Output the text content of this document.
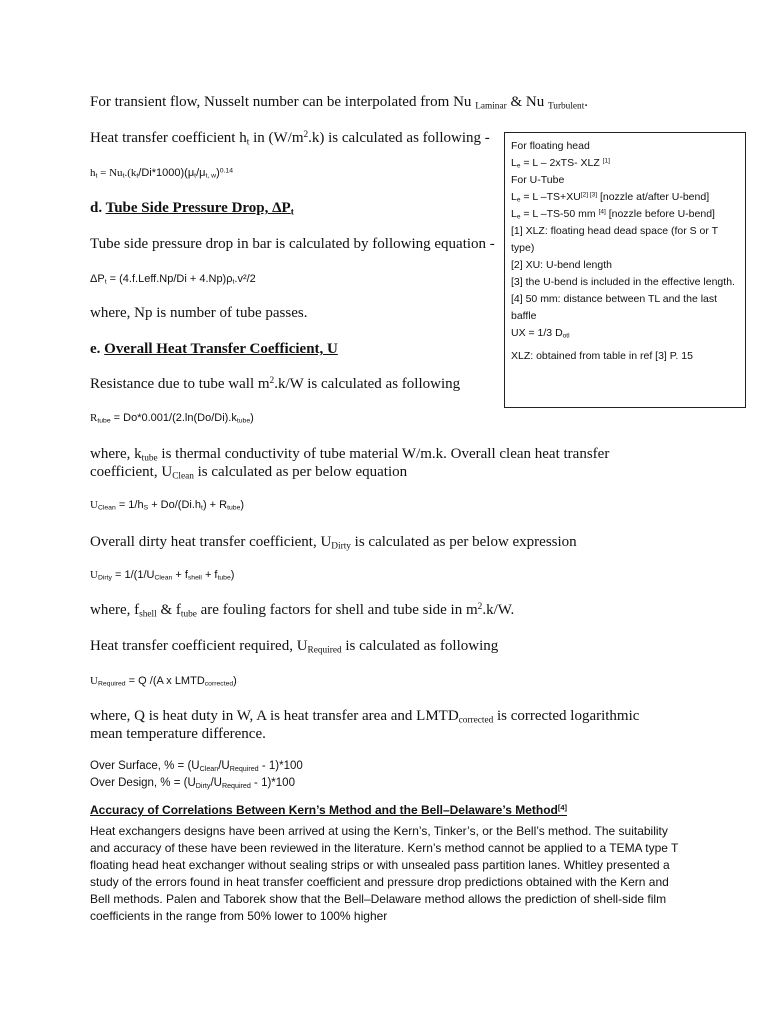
For transient flow, Nusselt number can be interpolated from Nu $_{Laminar}$ & Nu $_{Turbulent}$.
Heat transfer coefficient $h_t$ in $(W/m^2.k)$ is calculated as following -
$h_t = Nu_t.(k_t/Di*1000)(\mu_t/\mu_{t, w})^{0.14}$
d. Tube Side Pressure Drop, $\Delta P_t$
Tube side pressure drop in bar is calculated by following equation -
$\Delta P_t$ = (4.f.Leff.Np/Di + $4.Np)\rho_t.v^2/2$
where, Np is number of tube passes.
e. Overall Heat Transfer Coefficient, U
Resistance due to tube wall $m^2.k/W$ is calculated as following
$R_{tube} = Do*0.001/(2.\ln(Do/Di).k_{tube})$
where, $k_{tube}$ is thermal conductivity of tube material W/m.k. Overall clean heat transfer
coefficient, $U_{Clean}$ is calculated as per below equation
$U_{Clean} = 1/h_S + Do/(Di.h_t) + R_{tube}$)
Overall dirty heat transfer coefficient, $U_{Dirty}$ is calculated as per below expression
$U_{Dirty} = 1/(1/U_{Clean} + f_{shell} + f_{tube})$
where, $f_{shell}$ & $f_{tube}$ are fouling factors for shell and tube side in $m^2.k/W$.
Heat transfer coefficient required, $U_{Required}$ is calculated as following
$U_{Required} = Q$ /(A x $LMTD_{corrected}$)
where, Q is heat duty in W, A is heat transfer area and $LMTD_{corrected}$ is corrected logarithmic
mean temperature difference.
Over Surface, % = $(U_{Clean}/U_{Required} - 1)*100$
Over Design, % = $(U_{Dirty}/U_{Required} - 1)*100$
Accuracy of Correlations Between Kern’s Method and the Bell–Delaware’s Method[4]
Heat exchangers designs have been arrived at using the Kern’s, Tinker’s, or the Bell’s method. The suitability and accuracy of these have been reviewed in the literature. Kern’s method cannot be applied to a TEMA type T floating head heat exchanger without sealing strips or with unsealed pass partition lanes. Whitley presented a study of the errors found in heat transfer coefficient and pressure drop predictions obtained with the Kern and Bell methods. Palen and Taborek show that the Bell–Delaware method allows the prediction of shell-side film coefficients in the range from 50% lower to 100% higher
For floating head
$L_e = L - 2xTS-$ XLZ [1]
For U-Tube
$L_e = L$ –TS+XU[2] [3] [nozzle at/after U-bend]
$L_e = L$ –TS-50 mm [4] [nozzle before U-bend]
[1] XLZ: floating head dead space (for S or T type)
[2] XU: U-bend length
[3] the U-bend is included in the effective length.
[4] 50 mm: distance between TL and the last baffle
UX = 1/3 $D_{otl}$
XLZ: obtained from table in ref [3] P. 15
